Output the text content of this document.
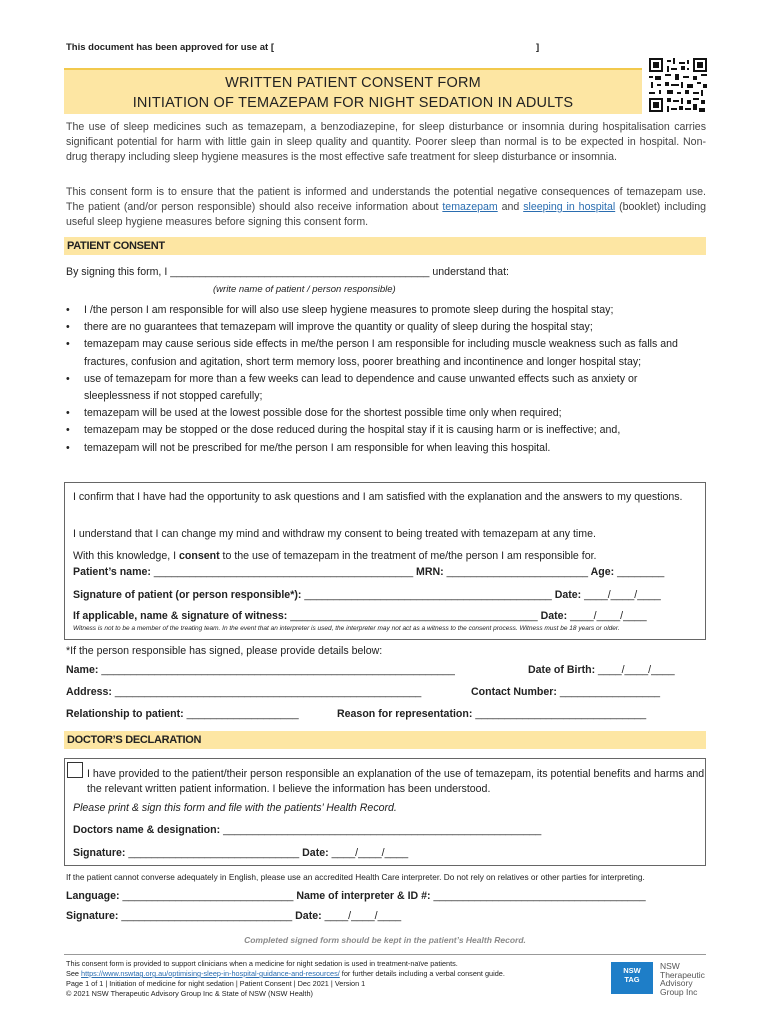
This document has been approved for use at [	]
WRITTEN PATIENT CONSENT FORM
INITIATION OF TEMAZEPAM FOR NIGHT SEDATION IN ADULTS
The use of sleep medicines such as temazepam, a benzodiazepine, for sleep disturbance or insomnia during hospitalisation carries significant potential for harm with little gain in sleep quality and quantity. Poorer sleep than normal is to be expected in hospital. Non-drug therapy including sleep hygiene measures is the most effective safe treatment for sleep disturbance or insomnia.
This consent form is to ensure that the patient is informed and understands the potential negative consequences of temazepam use. The patient (and/or person responsible) should also receive information about temazepam and sleeping in hospital (booklet) including useful sleep hygiene measures before signing this consent form.
PATIENT CONSENT
By signing this form, I ____________________________________________ understand that:
(write name of patient / person responsible)
• I /the person I am responsible for will also use sleep hygiene measures to promote sleep during the hospital stay;
• there are no guarantees that temazepam will improve the quantity or quality of sleep during the hospital stay;
• temazepam may cause serious side effects in me/the person I am responsible for including muscle weakness such as falls and fractures, confusion and agitation, short term memory loss, poorer breathing and incontinence and longer hospital stay;
• use of temazepam for more than a few weeks can lead to dependence and cause unwanted effects such as anxiety or sleeplessness if not stopped carefully;
• temazepam will be used at the lowest possible dose for the shortest possible time only when required;
• temazepam may be stopped or the dose reduced during the hospital stay if it is causing harm or is ineffective; and,
• temazepam will not be prescribed for me/the person I am responsible for when leaving this hospital.
I confirm that I have had the opportunity to ask questions and I am satisfied with the explanation and the answers to my questions.
I understand that I can change my mind and withdraw my consent to being treated with temazepam at any time.
With this knowledge, I consent to the use of temazepam in the treatment of me/the person I am responsible for.
Patient’s name: ____________________________________________ MRN: ________________________ Age: ________
Signature of patient (or person responsible*): __________________________________________ Date: ____/____/____
If applicable, name & signature of witness: __________________________________________ Date: ____/____/____
Witness is not to be a member of the treating team. In the event that an interpreter is used, the interpreter may not act as a witness to the consent process. Witness must be 18 years or older.
*If the person responsible has signed, please provide details below:
Name: ____________________________________________________________	Date of Birth: ____/____/____
Address: ____________________________________________________	Contact Number: _________________
Relationship to patient: ___________________	Reason for representation: _____________________________
DOCTOR’S DECLARATION
I have provided to the patient/their person responsible an explanation of the use of temazepam, its potential benefits and harms and the relevant written patient information. I believe the information has been understood.
Please print & sign this form and file with the patients’ Health Record.
Doctors name & designation: ______________________________________________________
Signature: _____________________________ Date: ____/____/____
If the patient cannot converse adequately in English, please use an accredited Health Care interpreter. Do not rely on relatives or other parties for interpreting.
Language: _____________________________ Name of interpreter & ID #: ____________________________________
Signature: _____________________________ Date: ____/____/____
Completed signed form should be kept in the patient’s Health Record.
This consent form is provided to support clinicians when a medicine for night sedation is used in treatment-naïve patients.
See https://www.nswtag.org.au/optimising-sleep-in-hospital-guidance-and-resources/ for further details including a verbal consent guide.
Page 1 of 1 | Initiation of medicine for night sedation | Patient Consent | Dec 2021 | Version 1
© 2021 NSW Therapeutic Advisory Group Inc & State of NSW (NSW Health)
NSW
TAG
NSW
Therapeutic
Advisory
Group Inc
